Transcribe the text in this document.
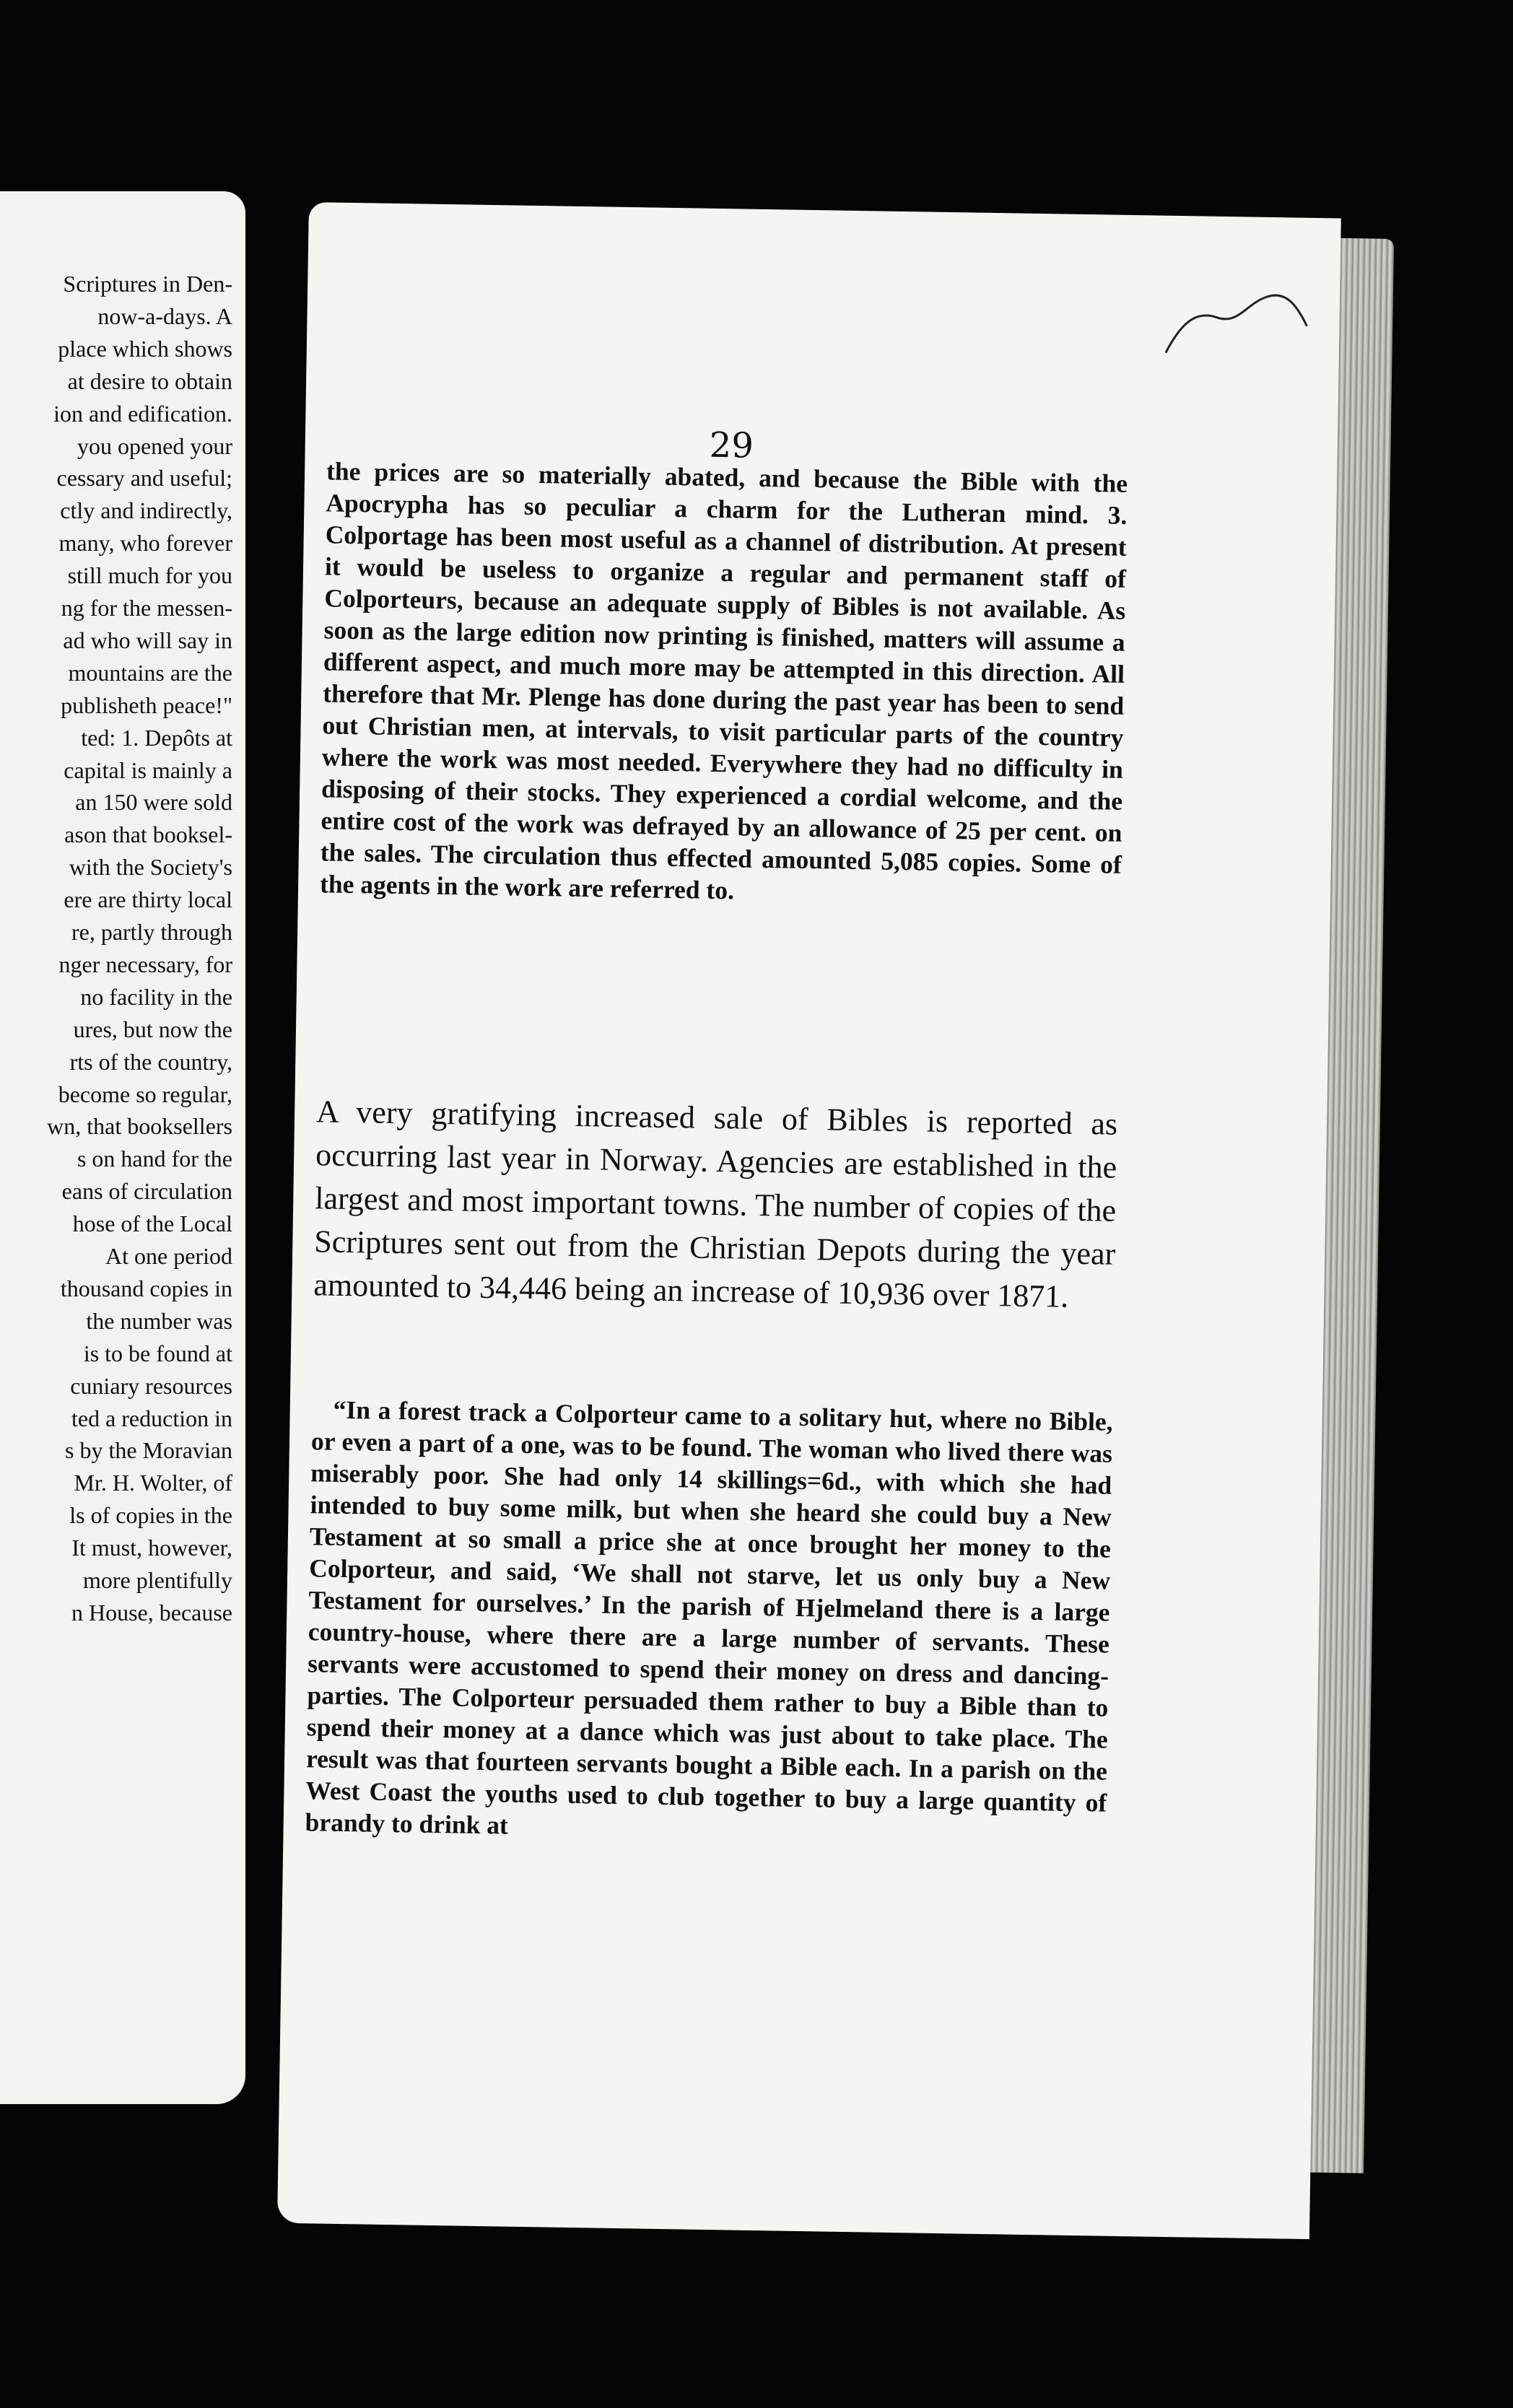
Scriptures in Den-
now-a-days. A
place which shows
at desire to obtain
ion and edification.
you opened your
cessary and useful;
ctly and indirectly,
many, who forever
still much for you
ng for the messen-
ad who will say in
mountains are the
publisheth peace!"
ted: 1. Depôts at
capital is mainly a
an 150 were sold
ason that booksel-
with the Society's
ere are thirty local
re, partly through
nger necessary, for
no facility in the
ures, but now the
rts of the country,
become so regular,
wn, that booksellers
s on hand for the
eans of circulation
hose of the Local
At one period
thousand copies in
the number was
is to be found at
cuniary resources
ted a reduction in
s by the Moravian
Mr. H. Wolter, of
ls of copies in the
It must, however,
more plentifully
n House, because
29
the prices are so materially abated, and because the Bible with the Apocrypha has so peculiar a charm for the Lutheran mind. 3. Colportage has been most useful as a channel of distribution. At present it would be useless to organize a regular and permanent staff of Colporteurs, because an adequate supply of Bibles is not available. As soon as the large edition now printing is finished, matters will assume a different aspect, and much more may be attempted in this direction. All therefore that Mr. Plenge has done during the past year has been to send out Christian men, at intervals, to visit particular parts of the country where the work was most needed. Everywhere they had no difficulty in disposing of their stocks. They experienced a cordial welcome, and the entire cost of the work was defrayed by an allowance of 25 per cent. on the sales. The circulation thus effected amounted 5,085 copies. Some of the agents in the work are referred to.
A very gratifying increased sale of Bibles is reported as occurring last year in Norway. Agencies are established in the largest and most important towns. The number of copies of the Scriptures sent out from the Christian Depots during the year amounted to 34,446 being an increase of 10,936 over 1871.
“In a forest track a Colporteur came to a solitary hut, where no Bible, or even a part of a one, was to be found. The woman who lived there was miserably poor. She had only 14 skillings=6d., with which she had intended to buy some milk, but when she heard she could buy a New Testament at so small a price she at once brought her money to the Colporteur, and said, ‘We shall not starve, let us only buy a New Testament for ourselves.’ In the parish of Hjelmeland there is a large country-house, where there are a large number of servants. These servants were accustomed to spend their money on dress and dancing-parties. The Colporteur persuaded them rather to buy a Bible than to spend their money at a dance which was just about to take place. The result was that fourteen servants bought a Bible each. In a parish on the West Coast the youths used to club together to buy a large quantity of brandy to drink at
